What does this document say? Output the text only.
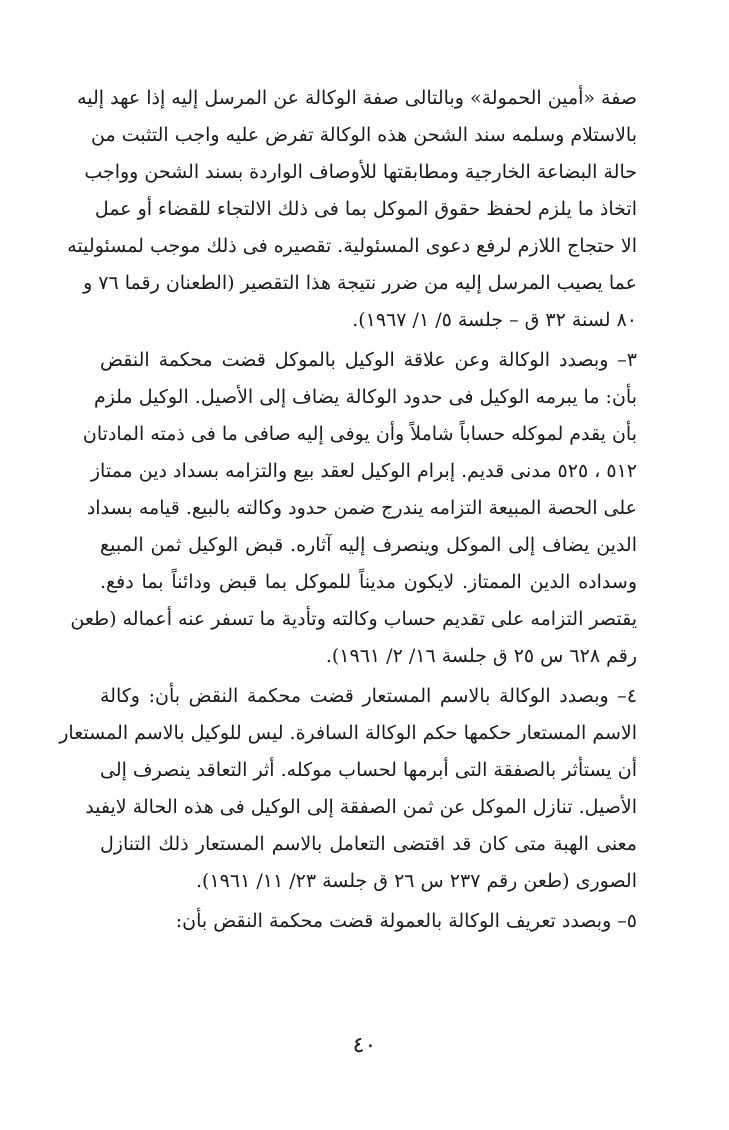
صفة «أمين الحمولة» وبالتالى صفة الوكالة عن المرسل إليه إذا عهد إليه
بالاستلام وسلمه سند الشحن هذه الوكالة تفرض عليه واجب التثبت من
حالة البضاعة الخارجية ومطابقتها للأوصاف الواردة بسند الشحن وواجب
اتخاذ ما يلزم لحفظ حقوق الموكل بما فى ذلك الالتجاء للقضاء أو عمل
الا حتجاج اللازم لرفع دعوى المسئولية. تقصيره فى ذلك موجب لمسئوليته
عما يصيب المرسل إليه من ضرر نتيجة هذا التقصير (الطعنان رقما ٧٦ و
٨٠ لسنة ٣٢ ق – جلسة ٥/ ١/ ١٩٦٧).
٣– وبصدد الوكالة وعن علاقة الوكيل بالموكل قضت محكمة النقض
بأن: ما يبرمه الوكيل فى حدود الوكالة يضاف إلى الأصيل. الوكيل ملزم
بأن يقدم لموكله حساباً شاملاً وأن يوفى إليه صافى ما فى ذمته المادتان
٥١٢ ، ٥٢٥ مدنى قديم. إبرام الوكيل لعقد بيع والتزامه بسداد دين ممتاز
على الحصة المبيعة التزامه يندرج ضمن حدود وكالته بالبيع. قيامه بسداد
الدين يضاف إلى الموكل وينصرف إليه آثاره. قبض الوكيل ثمن المبيع
وسداده الدين الممتاز. لايكون مديناً للموكل بما قبض ودائناً بما دفع.
يقتصر التزامه على تقديم حساب وكالته وتأدية ما تسفر عنه أعماله (طعن
رقم ٦٢٨ س ٢٥ ق جلسة ١٦/ ٢/ ١٩٦١).
٤– وبصدد الوكالة بالاسم المستعار قضت محكمة النقض بأن: وكالة
الاسم المستعار حكمها حكم الوكالة السافرة. ليس للوكيل بالاسم المستعار
أن يستأثر بالصفقة التى أبرمها لحساب موكله. أثر التعاقد ينصرف إلى
الأصيل. تنازل الموكل عن ثمن الصفقة إلى الوكيل فى هذه الحالة لايفيد
معنى الهبة متى كان قد اقتضى التعامل بالاسم المستعار ذلك التنازل
الصورى (طعن رقم ٢٣٧ س ٢٦ ق جلسة ٢٣/ ١١/ ١٩٦١).
٥– وبصدد تعريف الوكالة بالعمولة قضت محكمة النقض بأن:
٤٠
